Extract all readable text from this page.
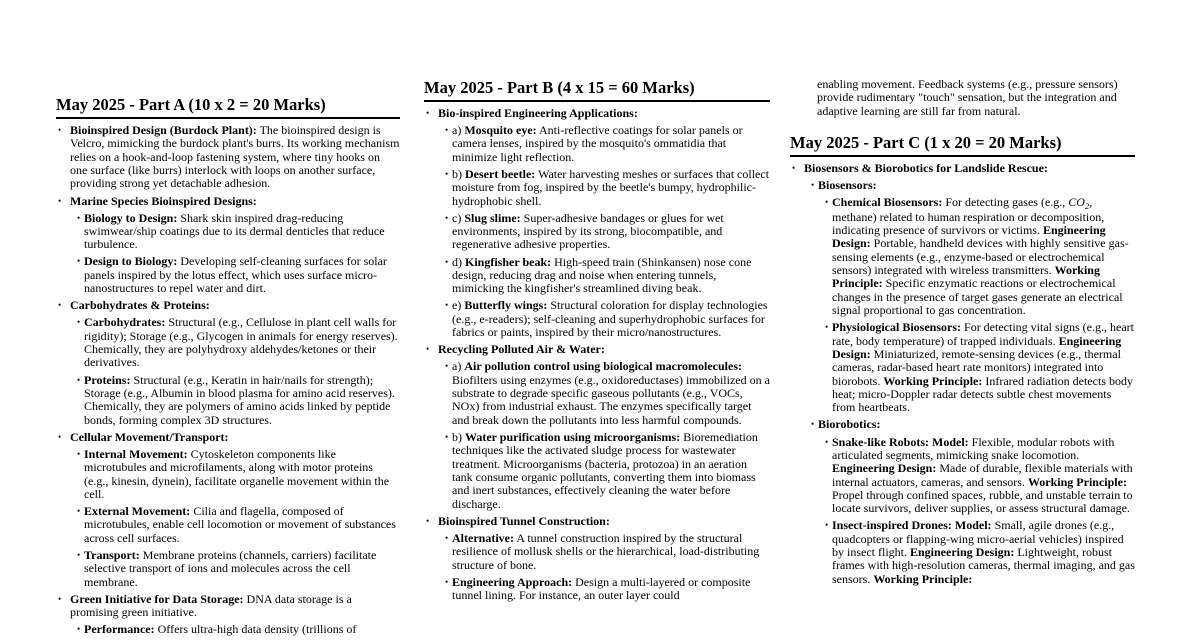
May 2025 - Part A (10 x 2 = 20 Marks)
• Bioinspired Design (Burdock Plant): The bioinspired design is Velcro, mimicking the burdock plant's burrs. Its working mechanism relies on a hook-and-loop fastening system, where tiny hooks on one surface (like burrs) interlock with loops on another surface, providing strong yet detachable adhesion.
• Marine Species Bioinspired Designs:
• Biology to Design: Shark skin inspired drag-reducing swimwear/ship coatings due to its dermal denticles that reduce turbulence.
• Design to Biology: Developing self-cleaning surfaces for solar panels inspired by the lotus effect, which uses surface micro-nanostructures to repel water and dirt.
• Carbohydrates & Proteins:
• Carbohydrates: Structural (e.g., Cellulose in plant cell walls for rigidity); Storage (e.g., Glycogen in animals for energy reserves). Chemically, they are polyhydroxy aldehydes/ketones or their derivatives.
• Proteins: Structural (e.g., Keratin in hair/nails for strength); Storage (e.g., Albumin in blood plasma for amino acid reserves). Chemically, they are polymers of amino acids linked by peptide bonds, forming complex 3D structures.
• Cellular Movement/Transport:
• Internal Movement: Cytoskeleton components like microtubules and microfilaments, along with motor proteins (e.g., kinesin, dynein), facilitate organelle movement within the cell.
• External Movement: Cilia and flagella, composed of microtubules, enable cell locomotion or movement of substances across cell surfaces.
• Transport: Membrane proteins (channels, carriers) facilitate selective transport of ions and molecules across the cell membrane.
• Green Initiative for Data Storage: DNA data storage is a promising green initiative.
• Performance: Offers ultra-high data density (trillions of
May 2025 - Part B (4 x 15 = 60 Marks)
• Bio-inspired Engineering Applications:
• a) Mosquito eye: Anti-reflective coatings for solar panels or camera lenses, inspired by the mosquito's ommatidia that minimize light reflection.
• b) Desert beetle: Water harvesting meshes or surfaces that collect moisture from fog, inspired by the beetle's bumpy, hydrophilic-hydrophobic shell.
• c) Slug slime: Super-adhesive bandages or glues for wet environments, inspired by its strong, biocompatible, and regenerative adhesive properties.
• d) Kingfisher beak: High-speed train (Shinkansen) nose cone design, reducing drag and noise when entering tunnels, mimicking the kingfisher's streamlined diving beak.
• e) Butterfly wings: Structural coloration for display technologies (e.g., e-readers); self-cleaning and superhydrophobic surfaces for fabrics or paints, inspired by their micro/nanostructures.
• Recycling Polluted Air & Water:
• a) Air pollution control using biological macromolecules: Biofilters using enzymes (e.g., oxidoreductases) immobilized on a substrate to degrade specific gaseous pollutants (e.g., VOCs, NOx) from industrial exhaust. The enzymes specifically target and break down the pollutants into less harmful compounds.
• b) Water purification using microorganisms: Bioremediation techniques like the activated sludge process for wastewater treatment. Microorganisms (bacteria, protozoa) in an aeration tank consume organic pollutants, converting them into biomass and inert substances, effectively cleaning the water before discharge.
• Bioinspired Tunnel Construction:
• Alternative: A tunnel construction inspired by the structural resilience of mollusk shells or the hierarchical, load-distributing structure of bone.
• Engineering Approach: Design a multi-layered or composite tunnel lining. For instance, an outer layer could
enabling movement. Feedback systems (e.g., pressure sensors) provide rudimentary "touch" sensation, but the integration and adaptive learning are still far from natural.
May 2025 - Part C (1 x 20 = 20 Marks)
• Biosensors & Biorobotics for Landslide Rescue:
• Biosensors:
• Chemical Biosensors: For detecting gases (e.g., $CO_2$, methane) related to human respiration or decomposition, indicating presence of survivors or victims. Engineering Design: Portable, handheld devices with highly sensitive gas-sensing elements (e.g., enzyme-based or electrochemical sensors) integrated with wireless transmitters. Working Principle: Specific enzymatic reactions or electrochemical changes in the presence of target gases generate an electrical signal proportional to gas concentration.
• Physiological Biosensors: For detecting vital signs (e.g., heart rate, body temperature) of trapped individuals. Engineering Design: Miniaturized, remote-sensing devices (e.g., thermal cameras, radar-based heart rate monitors) integrated into biorobots. Working Principle: Infrared radiation detects body heat; micro-Doppler radar detects subtle chest movements from heartbeats.
• Biorobotics:
• Snake-like Robots: Model: Flexible, modular robots with articulated segments, mimicking snake locomotion. Engineering Design: Made of durable, flexible materials with internal actuators, cameras, and sensors. Working Principle: Propel through confined spaces, rubble, and unstable terrain to locate survivors, deliver supplies, or assess structural damage.
• Insect-inspired Drones: Model: Small, agile drones (e.g., quadcopters or flapping-wing micro-aerial vehicles) inspired by insect flight. Engineering Design: Lightweight, robust frames with high-resolution cameras, thermal imaging, and gas sensors. Working Principle:
